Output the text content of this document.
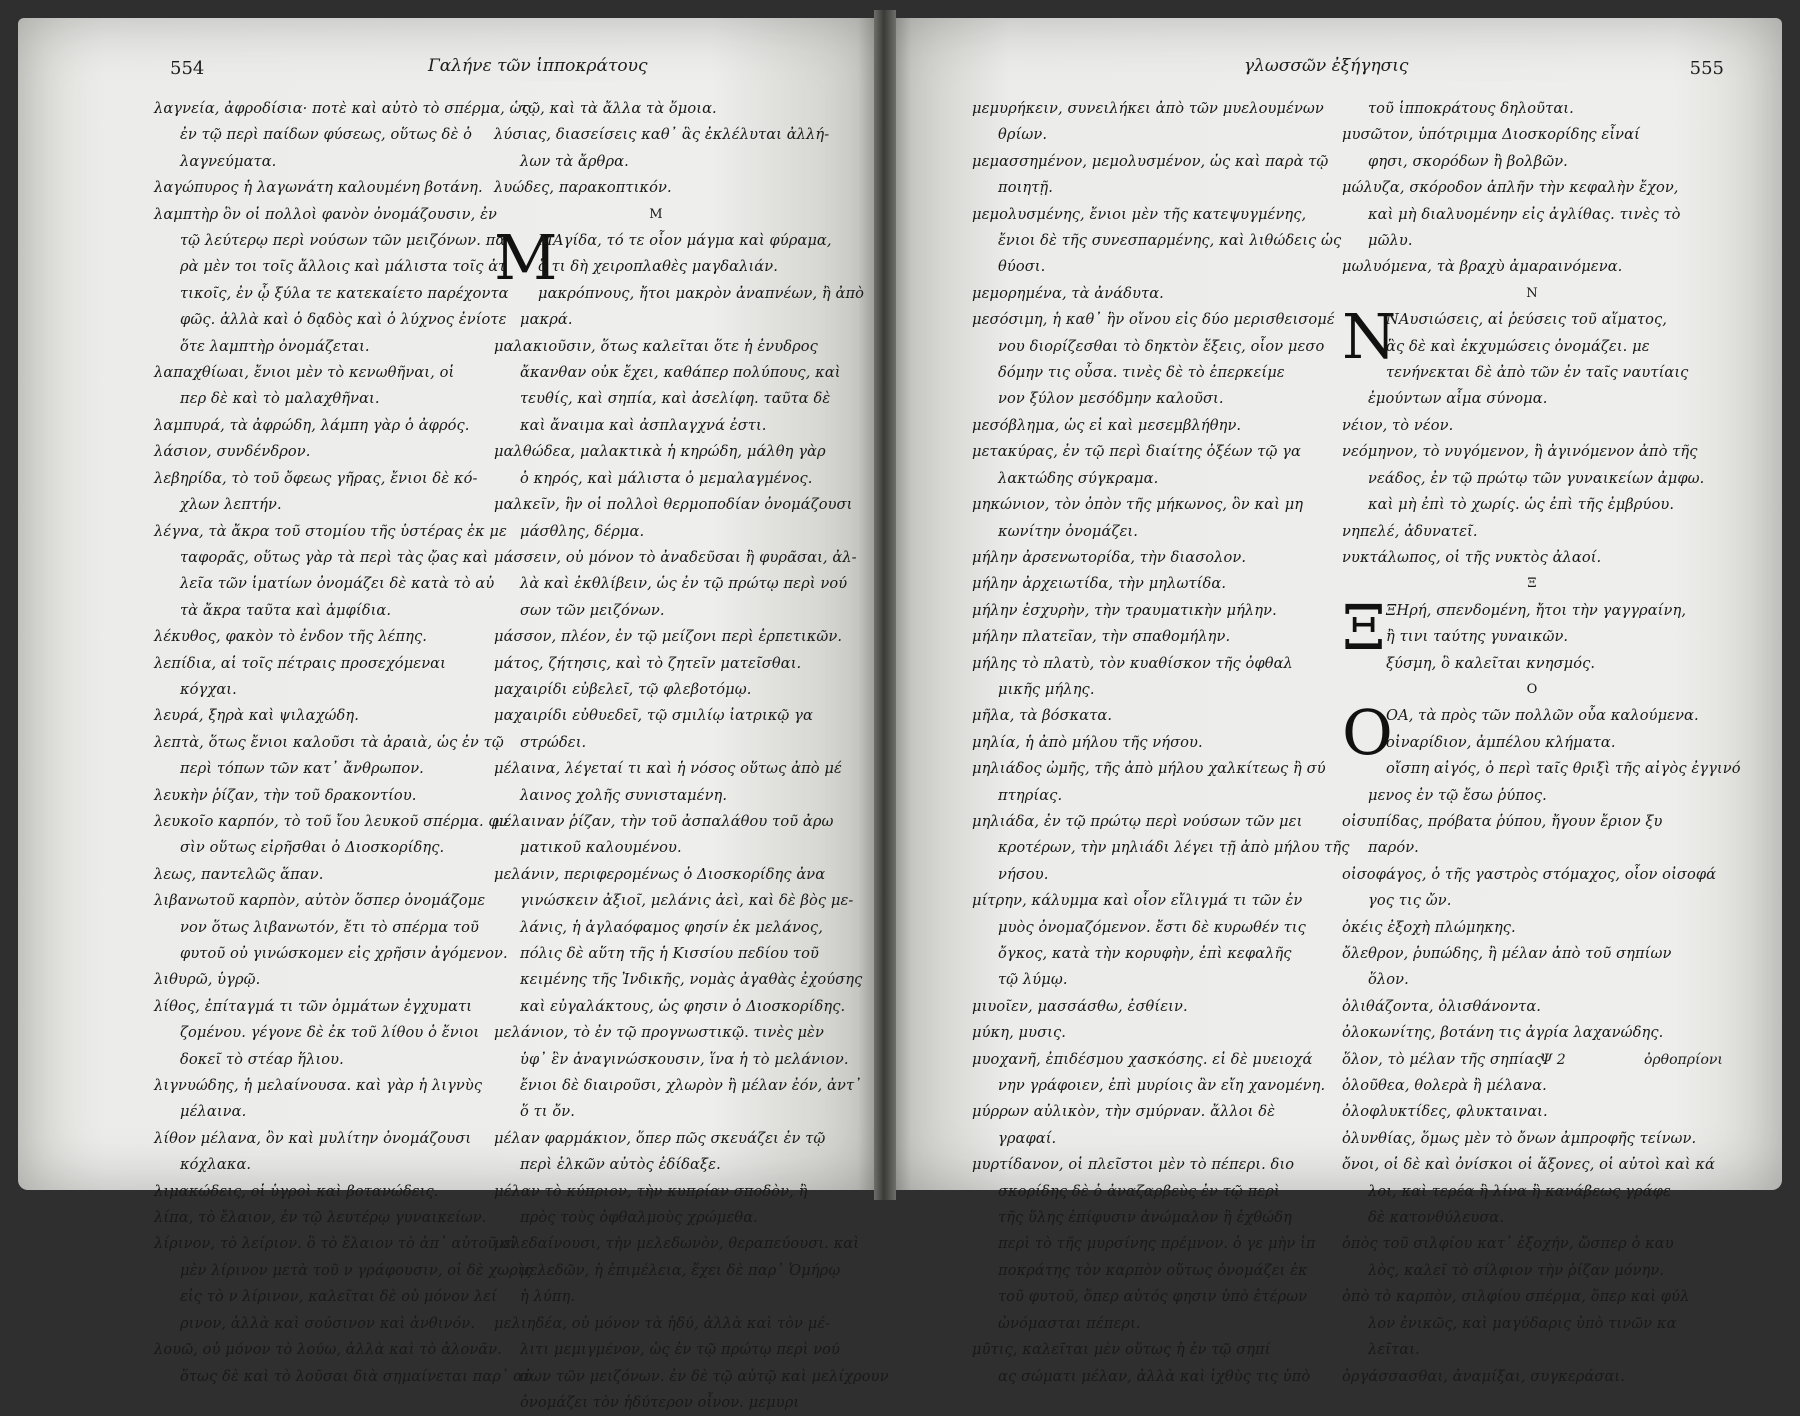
554	Γαλήνε τῶν ἱπποκράτους
λαγνεία, ἀφροδίσια· ποτὲ καὶ αὐτὸ τὸ σπέρμα, ὡς
ἐν τῷ περὶ παίδων φύσεως, οὕτως δὲ ὁ
λαγνεύματα.
λαγώπυρος ἡ λαγωνάτη καλουμένη βοτάνη.
λαμπτὴρ ὃν οἱ πολλοὶ φανὸν ὀνομάζουσιν, ἐν
τῷ λεύτερῳ περὶ νούσων τῶν μειζόνων. πα
ρὰ μὲν τοι τοῖς ἄλλοις καὶ μάλιστα τοῖς ἀτ
τικοῖς, ἐν ᾧ ξύλα τε κατεκαίετο παρέχοντα
φῶς. ἀλλὰ καὶ ὁ δᾳδὸς καὶ ὁ λύχνος ἐνίοτε
ὅτε λαμπτὴρ ὀνομάζεται.
λαπαχθίωαι, ἔνιοι μὲν τὸ κενωθῆναι, οἱ
περ δὲ καὶ τὸ μαλαχθῆναι.
λαμπυρά, τὰ ἀφρώδη, λάμπη γὰρ ὁ ἀφρός.
λάσιον, συνδένδρον.
λεβηρίδα, τὸ τοῦ ὄφεως γῆρας, ἔνιοι δὲ κό-
χλων λεπτήν.
λέγνα, τὰ ἄκρα τοῦ στομίου τῆς ὑστέρας ἐκ με
ταφορᾶς, οὕτως γὰρ τὰ περὶ τὰς ᾤας καὶ
λεῖα τῶν ἱματίων ὀνομάζει δὲ κατὰ τὸ αὐ
τὰ ἄκρα ταῦτα καὶ ἀμφίδια.
λέκυθος, φακὸν τὸ ἐνδον τῆς λέπης.
λεπίδια, αἱ τοῖς πέτραις προσεχόμεναι
κόγχαι.
λευρά, ξηρὰ καὶ ψιλαχώδη.
λεπτὰ, ὅτως ἔνιοι καλοῦσι τὰ ἀραιὰ, ὡς ἐν τῷ
περὶ τόπων τῶν κατ᾽ ἄνθρωπον.
λευκὴν ῥίζαν, τὴν τοῦ δρακοντίου.
λευκοῖο καρπόν, τὸ τοῦ ἴου λευκοῦ σπέρμα. φυ
σὶν οὕτως εἰρῆσθαι ὁ Διοσκορίδης.
λεως, παντελῶς ἅπαν.
λιβανωτοῦ καρπὸν, αὐτὸν ὅσπερ ὀνομάζομε
νον ὅτως λιβανωτόν, ἔτι τὸ σπέρμα τοῦ
φυτοῦ οὐ γινώσκομεν εἰς χρῆσιν ἀγόμενον.
λιθυρῶ, ὑγρῷ.
λίθος, ἐπίταγμά τι τῶν ὀμμάτων ἐγχυματι
ζομένου. γέγονε δὲ ἐκ τοῦ λίθου ὁ ἔνιοι
δοκεῖ τὸ στέαρ ἥλιου.
λιγνυώδης, ἡ μελαίνουσα. καὶ γὰρ ἡ λιγνὺς
μέλαινα.
λίθον μέλανα, ὃν καὶ μυλίτην ὀνομάζουσι
κόχλακα.
λιμακώδεις, οἱ ὑγροὶ καὶ βοτανώδεις.
λίπα, τὸ ἔλαιον, ἐν τῷ λευτέρῳ γυναικείων.
λίρινον, τὸ λείριον. ὃ τὸ ἔλαιον τὸ ἀπ᾽ αὐτοῦ οἱ
μὲν λίρινον μετὰ τοῦ ν γράφουσιν, οἱ δὲ χωρὶς
εἰς τὸ ν λίρινον, καλεῖται δὲ οὐ μόνον λεί
ρινον, ἀλλὰ καὶ σούσινον καὶ ἀνθινόν.
λουῶ, οὐ μόνον τὸ λούω, ἀλλὰ καὶ τὸ ἀλονᾶν.
ὅτως δὲ καὶ τὸ λοῦσαι διὰ σημαίνεται παρ᾽ αὐ
τῷ, καὶ τὰ ἄλλα τὰ ὅμοια.
λύσιας, διασείσεις καθ᾽ ἃς ἐκλέλυται ἀλλή-
λων τὰ ἄρθρα.
λυώδες, παρακοπτικόν.
Μ
M
ΜΑγίδα, τό τε οἷον μάγμα καὶ φύραμα,
ὅ τι δὴ χειροπλαθὲς μαγδαλιάν.
μακρόπνους, ἤτοι μακρὸν ἀναπνέων, ἢ ἀπὸ
μακρά.
μαλακιοῦσιν, ὅτως καλεῖται ὅτε ἡ ἐνυδρος
ἄκανθαν οὐκ ἔχει, καθάπερ πολύπους, καὶ
τευθίς, καὶ σηπία, καὶ ἀσελίφη. ταῦτα δὲ
καὶ ἄναιμα καὶ ἀσπλαγχνά ἐστι.
μαλθώδεα, μαλακτικὰ ἡ κηρώδη, μάλθη γὰρ
ὁ κηρός, καὶ μάλιστα ὁ μεμαλαγμένος.
μαλκεῖν, ἣν οἱ πολλοὶ θερμοποδίαν ὀνομάζουσι
μάσθλης, δέρμα.
μάσσειν, οὐ μόνον τὸ ἀναδεῦσαι ἢ φυρᾶσαι, ἀλ-
λὰ καὶ ἐκθλίβειν, ὡς ἐν τῷ πρώτῳ περὶ νού
σων τῶν μειζόνων.
μάσσον, πλέον, ἐν τῷ μείζονι περὶ ἑρπετικῶν.
μάτος, ζήτησις, καὶ τὸ ζητεῖν ματεῖσθαι.
μαχαιρίδι εὐβελεῖ, τῷ φλεβοτόμῳ.
μαχαιρίδι εὐθυεδεῖ, τῷ σμιλίῳ ἰατρικῷ γα
στρώδει.
μέλαινα, λέγεταί τι καὶ ἡ νόσος οὕτως ἀπὸ μέ
λαινος χολῆς συνισταμένη.
μέλαιναν ῥίζαν, τὴν τοῦ ἀσπαλάθου τοῦ ἀρω
ματικοῦ καλουμένου.
μελάνιν, περιφερομένως ὁ Διοσκορίδης ἀνα
γινώσκειν ἀξιοῖ, μελάνις ἀεὶ, καὶ δὲ βὸς με-
λάνις, ἡ ἀγλαόφαμος φησίν ἐκ μελάνος,
πόλις δὲ αὕτη τῆς ἡ Κισσίου πεδίου τοῦ
κειμένης τῆς Ἰνδικῆς, νομὰς ἀγαθὰς ἐχούσης
καὶ εὐγαλάκτους, ὡς φησιν ὁ Διοσκορίδης.
μελάνιον, τὸ ἐν τῷ προγνωστικῷ. τινὲς μὲν
ὑφ᾽ ἓν ἀναγινώσκουσιν, ἵνα ἡ τὸ μελάνιον.
ἔνιοι δὲ διαιροῦσι, χλωρὸν ἢ μέλαν ἐόν, ἀντ᾽
ὅ τι ὄν.
μέλαν φαρμάκιον, ὅπερ πῶς σκευάζει ἐν τῷ
περὶ ἑλκῶν αὐτὸς ἐδίδαξε.
μέλαν τὸ κύπριον, τὴν κυπρίαν σποδὸν, ἢ
πρὸς τοὺς ὀφθαλμοὺς χρώμεθα.
μελεδαίνουσι, τὴν μελεδωνὸν, θεραπεύουσι. καὶ
μελεδῶν, ἡ ἐπιμέλεια, ἔχει δὲ παρ᾽ Ὁμήρῳ
ἡ λύπη.
μελιηδέα, οὐ μόνον τὰ ἡδύ, ἀλλὰ καὶ τὸν μέ-
λιτι μεμιγμένον, ὡς ἐν τῷ πρώτῳ περὶ νού
σων τῶν μειζόνων. ἐν δὲ τῷ αὐτῷ καὶ μελίχρουν
ὀνομάζει τὸν ἡδύτερον οἶνον. μεμυρι
γλωσσῶν ἐξήγησις	555
μεμυρήκειν, συνειλήκει ἀπὸ τῶν μυελουμένων
θρίων.
μεμασσημένον, μεμολυσμένον, ὡς καὶ παρὰ τῷ
ποιητῇ.
μεμολυσμένης, ἔνιοι μὲν τῆς κατεψυγμένης,
ἔνιοι δὲ τῆς συνεσπαρμένης, καὶ λιθώδεις ὡς
θύοσι.
μεμορημένα, τὰ ἀνάδυτα.
μεσόσιμη, ἡ καθ᾽ ἣν οἴνου εἰς δύο μερισθεισομέ
νου διορίζεσθαι τὸ δηκτὸν ἕξεις, οἷον μεσο
δόμην τις οὖσα. τινὲς δὲ τὸ ἐπερκείμε
νον ξύλον μεσόδμην καλοῦσι.
μεσόβλημα, ὡς εἰ καὶ μεσεμβλήθην.
μετακύρας, ἐν τῷ περὶ διαίτης ὀξέων τῷ γα
λακτώδης σύγκραμα.
μηκώνιον, τὸν ὀπὸν τῆς μήκωνος, ὃν καὶ μη
κωνίτην ὀνομάζει.
μήλην ἀρσενωτορίδα, τὴν διασολον.
μήλην ἀρχειωτίδα, τὴν μηλωτίδα.
μήλην ἐσχυρὴν, τὴν τραυματικὴν μήλην.
μήλην πλατεῖαν, τὴν σπαθομήλην.
μήλης τὸ πλατὺ, τὸν κυαθίσκον τῆς ὀφθαλ
μικῆς μήλης.
μῆλα, τὰ βόσκατα.
μηλία, ἡ ἀπὸ μήλου τῆς νήσου.
μηλιάδος ὠμῆς, τῆς ἀπὸ μήλου χαλκίτεως ἢ σύ
πτηρίας.
μηλιάδα, ἐν τῷ πρώτῳ περὶ νούσων τῶν μει
κροτέρων, τὴν μηλιάδι λέγει τῇ ἀπὸ μήλου τῆς
νήσου.
μίτρην, κάλυμμα καὶ οἷον εἴλιγμά τι τῶν ἐν
μυὸς ὀνομαζόμενον. ἔστι δὲ κυρωθέν τις
ὄγκος, κατὰ τὴν κορυφὴν, ἐπὶ κεφαλῆς
τῷ λύμῳ.
μιυοῖεν, μασσάσθω, ἐσθίειν.
μύκη, μυσις.
μυοχανῆ, ἐπιδέσμου χασκόσης. εἰ δὲ μυειοχά
νην γράφοιεν, ἐπὶ μυρίοις ἂν εἴη χανομένη.
μύρρων αὐλικὸν, τὴν σμύρναν. ἄλλοι δὲ
γραφαί.
μυρτίδανον, οἱ πλεῖστοι μὲν τὸ πέπερι. διο
σκορίδης δὲ ὁ ἀναζαρβεὺς ἐν τῷ περὶ
τῆς ὕλης ἐπίφυσιν ἀνώμαλον ἢ ἐχθώδη
περὶ τὸ τῆς μυρσίνης πρέμνον. ὁ γε μὴν ἱπ
ποκράτης τὸν καρπὸν οὕτως ὀνομάζει ἐκ
τοῦ φυτοῦ, ὅπερ αὐτός φησιν ὑπὸ ἑτέρων
ὠνόμασται πέπερι.
μῦτις, καλεῖται μὲν οὕτως ἡ ἐν τῷ σηπί
ας σώματι μέλαν, ἀλλὰ καὶ ἰχθὺς τις ὑπὸ
τοῦ ἱπποκράτους δηλοῦται.
μυσῶτον, ὑπότριμμα Διοσκορίδης εἶναί
φησι, σκορόδων ἢ βολβῶν.
μώλυζα, σκόροδον ἁπλῆν τὴν κεφαλὴν ἔχον,
καὶ μὴ διαλυομένην εἰς ἀγλίθας. τινὲς τὸ
μῶλυ.
μωλυόμενα, τὰ βραχὺ ἀμαραινόμενα.
Ν
N
ΝΑυσιώσεις, αἱ ῥεύσεις τοῦ αἵματος,
ἃς δὲ καὶ ἐκχυμώσεις ὀνομάζει. με
τενήνεκται δὲ ἀπὸ τῶν ἐν ταῖς ναυτίαις
ἐμούντων αἷμα σύνομα.
νέιον, τὸ νέον.
νεόμηνον, τὸ νυγόμενον, ἢ ἀγινόμενον ἀπὸ τῆς
νεάδος, ἐν τῷ πρώτῳ τῶν γυναικείων ἀμφω.
καὶ μὴ ἐπὶ τὸ χωρίς. ὡς ἐπὶ τῆς ἐμβρύου.
νηπελέ, ἀδυνατεῖ.
νυκτάλωπος, οἱ τῆς νυκτὸς ἀλαοί.
Ξ
Ξ ΞΗρή, σπενδομένη, ἤτοι τὴν γαγγραίνη,
ἢ τινι ταύτης γυναικῶν.
ξύσμη, ὃ καλεῖται κνησμός.
Ο
O
ΟΑ, τὰ πρὸς τῶν πολλῶν οὗα καλούμενα.
οἰναρίδιον, ἀμπέλου κλήματα.
οἴσπη αἰγός, ὁ περὶ ταῖς θριξὶ τῆς αἰγὸς ἐγγινό
μενος ἐν τῷ ἔσω ῥύπος.
οἰσυπίδας, πρόβατα ῥύπου, ἤγουν ἔριον ξυ
παρόν.
οἰσοφάγος, ὁ τῆς γαστρὸς στόμαχος, οἷον οἰσοφά
γος τις ὤν.
ὀκέις ἐξοχὴ πλώμηκης.
ὄλεθρον, ῥυπώδης, ἢ μέλαν ἀπὸ τοῦ σηπίων
ὅλον.
ὀλιθάζοντα, ὀλισθάνοντα.
ὀλοκωνίτης, βοτάνη τις ἀγρία λαχανώδης.
ὅλον, τὸ μέλαν τῆς σηπίας.
ὀλοῦθεα, θολερὰ ἢ μέλανα.
ὀλοφλυκτίδες, φλυκταιναι.
ὀλυνθίας, ὅμως μὲν τὸ ὄνων ἀμπροφῆς τείνων.
ὄνοι, οἱ δὲ καὶ ὀνίσκοι οἱ ἄξονες, οἱ αὐτοὶ καὶ κά
λοι, καὶ τερέα ἢ λίνα ἢ κανάβεως γράφε
δὲ κατονθύλευσα.
ὀπὸς τοῦ σιλφίου κατ᾽ ἐξοχήν, ὥσπερ ὁ καυ
λὸς, καλεῖ τὸ σίλφιον τὴν ῥίζαν μόνην.
ὀπὸ τὸ καρπὸν, σιλφίου σπέρμα, ὅπερ καὶ φύλ
λον ἐνικῶς, καὶ μαγύδαρις ὑπὸ τινῶν κα
λεῖται.
ὀργάσσασθαι, ἀναμίξαι, συγκεράσαι.
Ψ 2	ὀρθοπρίονι
